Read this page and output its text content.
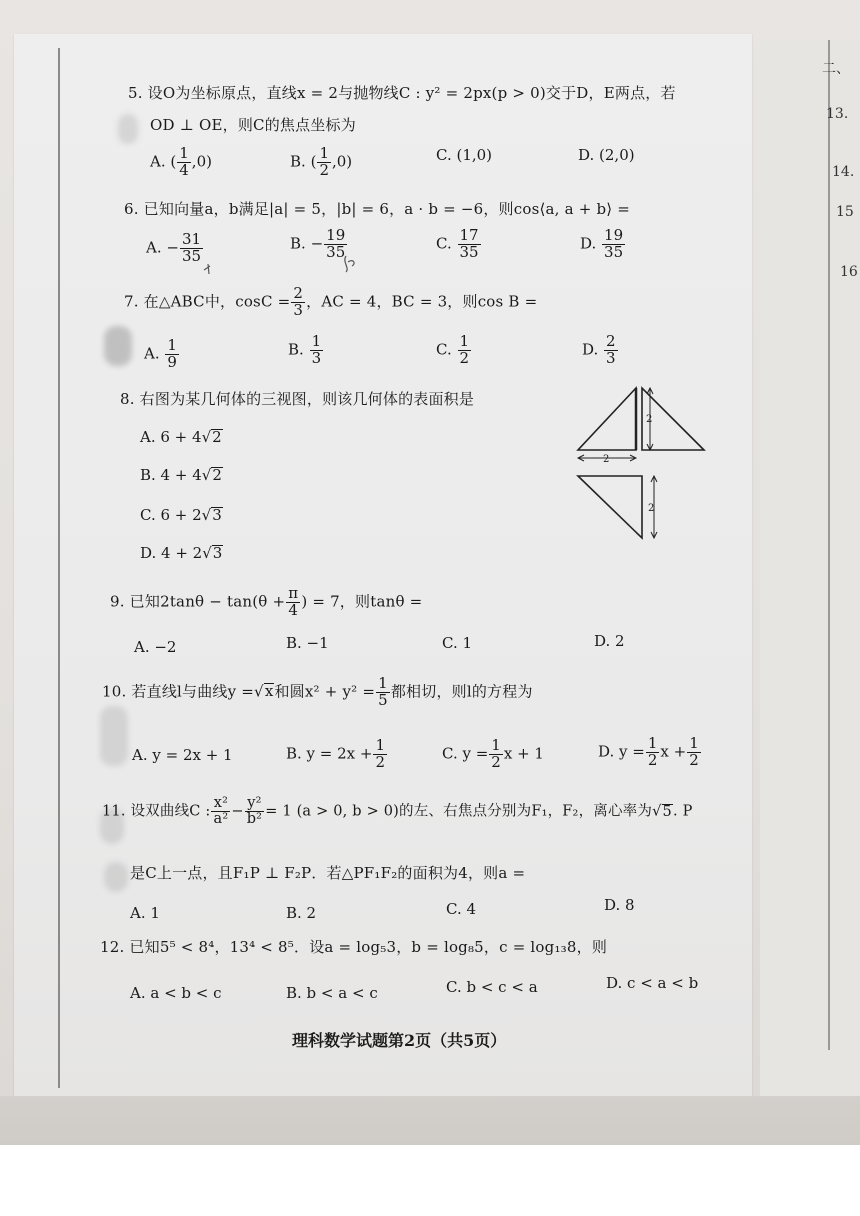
二、
13.
14.
15
16
5. 设O为坐标原点，直线x = 2与抛物线C : y² = 2px(p > 0)交于D，E两点，若
OD ⊥ OE，则C的焦点坐标为
A. ( $\frac{1}{4} ,0$)	B. ( $\frac{1}{2} ,0$)	C. (1,0)	D. (2,0)
6. 已知向量a，b满足|a| = 5，|b| = 6，a · b = −6，则cos⟨a, a + b⟩ =
A. − $\frac{31}{35}$	B. − $\frac{19}{35}$	C. $\frac{17}{35}$	D. $\frac{19}{35}$
7. 在△ABC中，$\cos C = \frac{2}{3}$ ，AC = 4，BC = 3，则cos B =
A. $\frac{1}{9}$	B. $\frac{1}{3}$	C. $\frac{1}{2}$	D. $\frac{2}{3}$
8. 右图为某几何体的三视图，则该几何体的表面积是
A. 6 + 4√2
B. 4 + 4√2
C. 6 + 2√3
D. 4 + 2√3
2
2
2
9. 已知$2\tan\theta - \tan(\theta + \frac{\pi}{4}$ ) = 7，则tanθ =
A. −2	B. −1	C. 1	D. 2
10. 若直线l与曲线y =√x和圆$x^2 + y^2 = \frac{1}{5}$ 都相切，则l的方程为
A. y = 2x + 1	B. $y = 2x + \frac{1}{2}$	C. $y = \frac{1}{2}$ x + 1	D. $y = \frac{1}{2}$ $x + \frac{1}{2}$
11. 设双曲线C : $\frac{\text{x²}}{\text{a²}} - \frac{\text{y²}}{\text{b²}} = 1$ (a > 0, b > 0)的左、右焦点分别为F₁，F₂，离心率为√5. P
是C上一点，且F₁P ⊥ F₂P．若△PF₁F₂的面积为4，则a =
A. 1	B. 2	C. 4	D. 8
12. 已知5⁵ < 8⁴，13⁴ < 8⁵．设a = log₅3，b = log₈5，c = log₁₃8，则
A. a < b < c	B. b < a < c	C. b < c < a	D. c < a < b
理科数学试题第2页（共5页）
